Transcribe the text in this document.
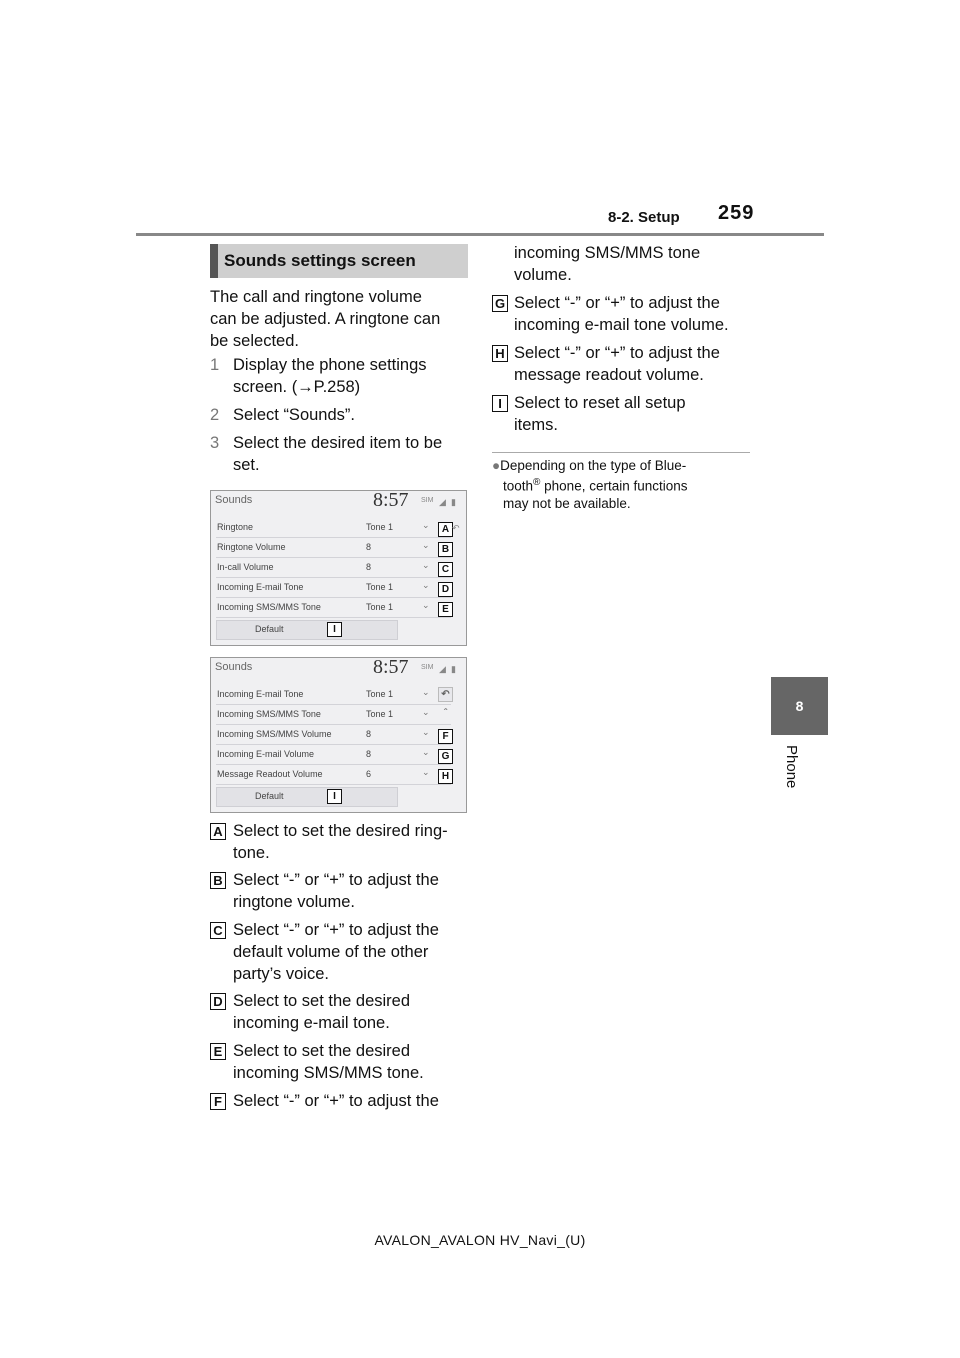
8-2. Setup 259
8
Phone
Sounds settings screen
The call and ringtone volume
can be adjusted. A ringtone can
be selected.
1 Display the phone settings
screen. (→P.258)
2 Select “Sounds”.
3 Select the desired item to be
set.
Sounds	8:57 SIM ◢ ▮
Ringtone	Tone 1	⌄
Ringtone Volume	8	⌄
In-call Volume	8	⌄
Incoming E-mail Tone	Tone 1	⌄
Incoming SMS/MMS Tone	Tone 1	⌄
Default
A
B
C
D
E
I
↶
Sounds	8:57 SIM ◢ ▮
Incoming E-mail Tone	Tone 1	⌄
Incoming SMS/MMS Tone	Tone 1	⌄
Incoming SMS/MMS Volume	8	⌄
Incoming E-mail Volume	8	⌄
Message Readout Volume	6	⌄
Default
↶
ˆ
F
G
H
I
A Select to set the desired ring-
tone.
B Select “-” or “+” to adjust the
ringtone volume.
C Select “-” or “+” to adjust the
default volume of the other
party’s voice.
D Select to set the desired
incoming e-mail tone.
E Select to set the desired
incoming SMS/MMS tone.
F Select “-” or “+” to adjust the
incoming SMS/MMS tone
volume.
G Select “-” or “+” to adjust the
incoming e-mail tone volume.
H Select “-” or “+” to adjust the
message readout volume.
I Select to reset all setup
items.
●Depending on the type of Blue-
tooth® phone, certain functions
may not be available.
AVALON_AVALON HV_Navi_(U)
